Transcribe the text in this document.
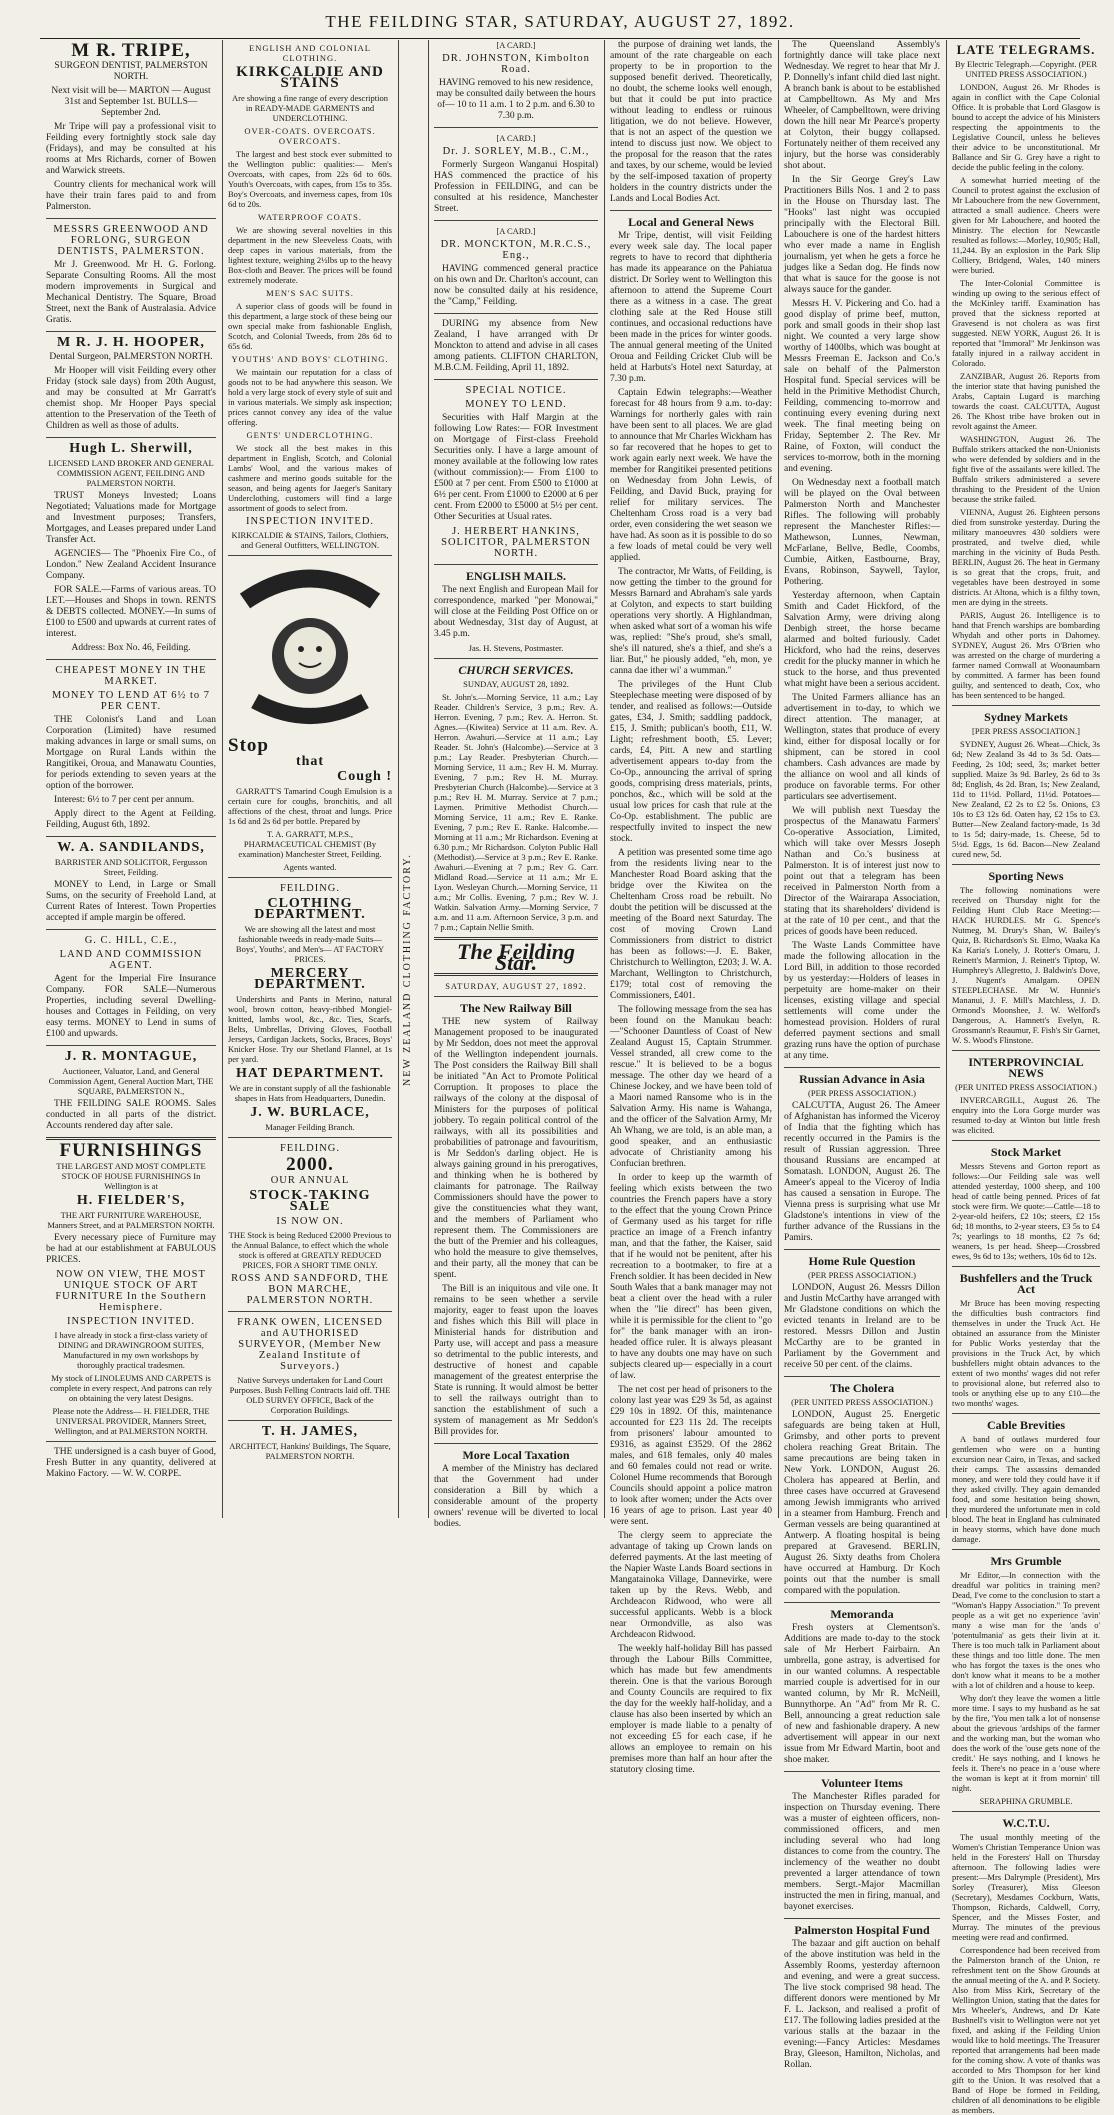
THE FEILDING STAR, SATURDAY, AUGUST 27, 1892.
NEW ZEALAND CLOTHING FACTORY.
M R. TRIPE,

SURGEON DENTIST, PALMERSTON NORTH.

Next visit will be— MARTON — August 31st and September 1st. BULLS—September 2nd.

Mr Tripe will pay a professional visit to Feilding every fortnightly stock sale day (Fridays), and may be consulted at his rooms at Mrs Richards, corner of Bowen and Warwick streets.

Country clients for mechanical work will have their train fares paid to and from Palmerston.

MESSRS GREENWOOD AND FORLONG, SURGEON DENTISTS, PALMERSTON.

Mr J. Greenwood. Mr H. G. Forlong. Separate Consulting Rooms. All the most modern improvements in Surgical and Mechanical Dentistry. The Square, Broad Street, next the Bank of Australasia. Advice Gratis.

M R. J. H. HOOPER,

Dental Surgeon, PALMERSTON NORTH.

Mr Hooper will visit Feilding every other Friday (stock sale days) from 20th August, and may be consulted at Mr Garratt's chemist shop. Mr Hooper Pays special attention to the Preservation of the Teeth of Children as well as those of adults.

Hugh L. Sherwill,

LICENSED LAND BROKER AND GENERAL COMMISSION AGENT, FEILDING AND PALMERSTON NORTH.

TRUST Moneys Invested; Loans Negotiated; Valuations made for Mortgage and Investment purposes; Transfers, Mortgages, and Leases prepared under Land Transfer Act.

AGENCIES— The "Phoenix Fire Co., of London." New Zealand Accident Insurance Company.

FOR SALE.—Farms of various areas. TO LET.—Houses and Shops in town. RENTS & DEBTS collected. MONEY.—In sums of £100 to £500 and upwards at current rates of interest.

Address: Box No. 46, Feilding.

CHEAPEST MONEY IN THE MARKET.

MONEY TO LEND AT 6½ to 7 PER CENT.

THE Colonist's Land and Loan Corporation (Limited) have resumed making advances in large or small sums, on Mortgage on Rural Lands within the Rangitikei, Oroua, and Manawatu Counties, for periods extending to seven years at the option of the borrower.

Interest: 6½ to 7 per cent per annum.

Apply direct to the Agent at Feilding. Feilding, August 6th, 1892.

W. A. SANDILANDS,

BARRISTER AND SOLICITOR, Fergusson Street, Feilding.

MONEY to Lend, in Large or Small Sums, on the security of Freehold Land, at Current Rates of Interest. Town Properties accepted if ample margin be offered.

G. C. HILL, C.E.,

LAND AND COMMISSION AGENT.

Agent for the Imperial Fire Insurance Company. FOR SALE—Numerous Properties, including several Dwelling-houses and Cottages in Feilding, on very easy terms. MONEY to Lend in sums of £100 and upwards.

J. R. MONTAGUE,

Auctioneer, Valuator, Land, and General Commission Agent, General Auction Mart, THE SQUARE, PALMERSTON N.,

THE FEILDING SALE ROOMS. Sales conducted in all parts of the district. Accounts rendered day after sale.

FURNISHINGS

THE LARGEST AND MOST COMPLETE STOCK OF HOUSE FURNISHINGS In Wellington is at

H. FIELDER'S,

THE ART FURNITURE WAREHOUSE, Manners Street, and at PALMERSTON NORTH.

Every necessary piece of Furniture may be had at our establishment at FABULOUS PRICES.

NOW ON VIEW, THE MOST UNIQUE STOCK OF ART FURNITURE In the Southern Hemisphere.

INSPECTION INVITED.

I have already in stock a first-class variety of DINING and DRAWINGROOM SUITES, Manufactured in my own workshops by thoroughly practical tradesmen.

My stock of LINOLEUMS AND CARPETS is complete in every respect, And patrons can rely on obtaining the very latest Designs.

Please note the Address— H. FIELDER, THE UNIVERSAL PROVIDER, Manners Street, Wellington, and at PALMERSTON NORTH.

THE undersigned is a cash buyer of Good, Fresh Butter in any quantity, delivered at Makino Factory. — W. W. CORPE.

ENGLISH AND COLONIAL CLOTHING.

KIRKCALDIE AND STAINS

Are showing a fine range of every description in READY-MADE GARMENTS and UNDERCLOTHING.

OVER-COATS. OVERCOATS. OVERCOATS.

The largest and best stock ever submitted to the Wellington public: qualities:— Men's Overcoats, with capes, from 22s 6d to 60s. Youth's Overcoats, with capes, from 15s to 35s. Boy's Overcoats, and inverness capes, from 10s 6d to 20s.

WATERPROOF COATS.

We are showing several novelties in this department in the new Sleeveless Coats, with deep capes in various materials, from the lightest texture, weighing 2½lbs up to the heavy Box-cloth and Beaver. The prices will be found extremely moderate.

MEN'S SAC SUITS.

A superior class of goods will be found in this department, a large stock of these being our own special make from fashionable English, Scotch, and Colonial Tweeds, from 28s 6d to 65s 6d.

YOUTHS' AND BOYS' CLOTHING.

We maintain our reputation for a class of goods not to be had anywhere this season. We hold a very large stock of every style of suit and in various materials. We simply ask inspection; prices cannot convey any idea of the value offering.

GENTS' UNDERCLOTHING.

We stock all the best makes in this department in English, Scotch, and Colonial Lambs' Wool, and the various makes of cashmere and merino goods suitable for the season, and being agents for Jaeger's Sanitary Underclothing, customers will find a large assortment of goods to select from.

INSPECTION INVITED.

KIRKCALDIE & STAINS, Tailors, Clothiers, and General Outfitters, WELLINGTON.

Stop
that
Cough !

GARRATT'S Tamarind Cough Emulsion is a certain cure for coughs, bronchitis, and all affections of the chest, throat and lungs. Price 1s 6d and 2s 6d per bottle. Prepared by

T. A. GARRATT, M.P.S., PHARMACEUTICAL CHEMIST (By examination) Manchester Street, Feilding.

Agents wanted.

FEILDING.

CLOTHING DEPARTMENT.

We are showing all the latest and most fashionable tweeds in ready-made Suits—Boys', Youths', and Men's— AT FACTORY PRICES.

MERCERY DEPARTMENT.

Undershirts and Pants in Merino, natural wool, brown cotton, heavy-ribbed Mongiel-knitted, lambs wool, &c., &c. Ties, Scarfs, Belts, Umbrellas, Driving Gloves, Football Jerseys, Cardigan Jackets, Socks, Braces, Boys' Knicker Hose. Try our Shetland Flannel, at 1s per yard.

HAT DEPARTMENT.

We are in constant supply of all the fashionable shapes in Hats from Headquarters, Dunedin.

J. W. BURLACE,

Manager Feilding Branch.

FEILDING.

2000.

OUR ANNUAL

STOCK-TAKING SALE

IS NOW ON.

THE Stock is being Reduced £2000 Previous to the Annual Balance, to effect which the whole stock is offered at GREATLY REDUCED PRICES, FOR A SHORT TIME ONLY.

ROSS AND SANDFORD, THE BON MARCHE, PALMERSTON NORTH.

FRANK OWEN, LICENSED and AUTHORISED SURVEYOR, (Member New Zealand Institute of Surveyors.)

Native Surveys undertaken for Land Court Purposes. Bush Felling Contracts laid off. THE OLD SURVEY OFFICE, Back of the Corporation Buildings.

T. H. JAMES,

ARCHITECT, Hankins' Buildings, The Square, PALMERSTON NORTH.

[A CARD.]

DR. JOHNSTON, Kimbolton Road.

HAVING removed to his new residence, may be consulted daily between the hours of— 10 to 11 a.m. 1 to 2 p.m. and 6.30 to 7.30 p.m.

[A CARD.]

Dr. J. SORLEY, M.B., C.M.,

Formerly Surgeon Wanganui Hospital) HAS commenced the practice of his Profession in FEILDING, and can be consulted at his residence, Manchester Street.

[A CARD.]

DR. MONCKTON, M.R.C.S., Eng.,

HAVING commenced general practice on his own and Dr. Charlton's account, can now be consulted daily at his residence, the "Camp," Feilding.

DURING my absence from New Zealand, I have arranged with Dr Monckton to attend and advise in all cases among patients. CLIFTON CHARLTON, M.B.C.M. Feilding, April 11, 1892.

SPECIAL NOTICE.

MONEY TO LEND.

Securities with Half Margin at the following Low Rates:— FOR Investment on Mortgage of First-class Freehold Securities only. I have a large amount of money available at the following low rates (without commission):— From £100 to £500 at 7 per cent. From £500 to £1000 at 6½ per cent. From £1000 to £2000 at 6 per cent. From £2000 to £5000 at 5½ per cent. Other Securities at Usual rates.

J. HERBERT HANKINS, SOLICITOR, PALMERSTON NORTH.

ENGLISH MAILS.

The next English and European Mail for correspondence, marked "per Monowai," will close at the Feilding Post Office on or about Wednesday, 31st day of August, at 3.45 p.m.

Jas. H. Stevens, Postmaster.

CHURCH SERVICES.

SUNDAY, AUGUST 28, 1892.

St. John's.—Morning Service, 11 a.m.; Lay Reader. Children's Service, 3 p.m.; Rev. A. Herron. Evening, 7 p.m.; Rev. A. Herron. St. Agnes.—(Kiwitea) Service at 11 a.m. Rev. A. Herron. Awahuri.—Service at 11 a.m.; Lay Reader. St. John's (Halcombe).—Service at 3 p.m.; Lay Reader. Presbyterian Church.—Morning Service, 11 a.m.; Rev H. M. Murray. Evening, 7 p.m.; Rev H. M. Murray. Presbyterian Church (Halcombe).—Service at 3 p.m.; Rev H. M. Murray. Service at 7 p.m.; Laymen. Primitive Methodist Church.—Morning Service, 11 a.m.; Rev E. Ranke. Evening, 7 p.m.; Rev E. Ranke. Halcombe.—Morning at 11 a.m.; Mr Richardson. Evening at 6.30 p.m.; Mr Richardson. Colyton Public Hall (Methodist).—Service at 3 p.m.; Rev E. Ranke. Awahuri.—Evening at 7 p.m.; Rev G. Carr. Midland Road.—Service at 11 a.m.; Mr E. Lyon. Wesleyan Church.—Morning Service, 11 a.m.; Mr Collis. Evening, 7 p.m.; Rev W. J. Watkin. Salvation Army.—Morning Service, 7 a.m. and 11 a.m. Afternoon Service, 3 p.m. and 7 p.m.; Captain Nellie Smith.

The Feilding Star.

SATURDAY, AUGUST 27, 1892.

The New Railway Bill

THE new system of Railway Management proposed to be inaugurated by Mr Seddon, does not meet the approval of the Wellington independent journals. The Post considers the Railway Bill shall be initiated "An Act to Promote Political Corruption. It proposes to place the railways of the colony at the disposal of Ministers for the purposes of political jobbery. To regain political control of the railways, with all its possibilities and probabilities of patronage and favouritism, is Mr Seddon's darling object. He is always gaining ground in his prerogatives, and thinking when he is bothered by claimants for patronage. The Railway Commissioners should have the power to give the constituencies what they want, and the members of Parliament who represent them. The Commissioners are the butt of the Premier and his colleagues, who hold the measure to give themselves, and their party, all the money that can be spent.

The Bill is an iniquitous and vile one. It remains to be seen whether a servile majority, eager to feast upon the loaves and fishes which this Bill will place in Ministerial hands for distribution and Party use, will accept and pass a measure so detrimental to the public interests, and destructive of honest and capable management of the greatest enterprise the State is running. It would almost be better to sell the railways outright than to sanction the establishment of such a system of management as Mr Seddon's Bill provides for.

More Local Taxation

A member of the Ministry has declared that the Government had under consideration a Bill by which a considerable amount of the property owners' revenue will be diverted to local bodies.

the purpose of draining wet lands, the amount of the rate chargeable on each property to be in proportion to the supposed benefit derived. Theoretically, no doubt, the scheme looks well enough, but that it could be put into practice without leading to endless or ruinous litigation, we do not believe. However, that is not an aspect of the question we intend to discuss just now. We object to the proposal for the reason that the rates and taxes, by our scheme, would be levied by the self-imposed taxation of property holders in the country districts under the Lands and Local Bodies Act.

Local and General News

Mr Tripe, dentist, will visit Feilding every week sale day. The local paper regrets to have to record that diphtheria has made its appearance on the Pahiatua district. Dr Sorley went to Wellington this afternoon to attend the Supreme Court there as a witness in a case. The great clothing sale at the Red House still continues, and occasional reductions have been made in the prices for winter goods. The annual general meeting of the United Oroua and Feilding Cricket Club will be held at Harbuts's Hotel next Saturday, at 7.30 p.m.

Captain Edwin telegraphs:—Weather forecast for 48 hours from 9 a.m. to-day: Warnings for northerly gales with rain have been sent to all places. We are glad to announce that Mr Charles Wickham has so far recovered that he hopes to get to work again early next week. We have the member for Rangitikei presented petitions on Wednesday from John Lewis, of Feilding, and David Buck, praying for relief for military services. The Cheltenham Cross road is a very bad order, even considering the wet season we have had. As soon as it is possible to do so a few loads of metal could be very well applied.

The contractor, Mr Watts, of Feilding, is now getting the timber to the ground for Messrs Barnard and Abraham's sale yards at Colyton, and expects to start building operations very shortly. A Highlandman, when asked what sort of a woman his wife was, replied: "She's proud, she's small, she's ill natured, she's a thief, and she's a liar. But," he piously added, "eh, mon, ye canna dae ither wi' a wumman."

The privileges of the Hunt Club Steeplechase meeting were disposed of by tender, and realised as follows:—Outside gates, £34, J. Smith; saddling paddock, £15, J. Smith; publican's booth, £11, W. Light; refreshment booth, £5. Lever; cards, £4, Pitt. A new and startling advertisement appears to-day from the Co-Op., announcing the arrival of spring goods, comprising dress materials, prints, ponchos, &c., which will be sold at the usual low prices for cash that rule at the Co-Op. establishment. The public are respectfully invited to inspect the new stock.

A petition was presented some time ago from the residents living near to the Manchester Road Board asking that the bridge over the Kiwitea on the Cheltenham Cross road be rebuilt. No doubt the petition will be discussed at the meeting of the Board next Saturday. The cost of moving Crown Land Commissioners from district to district has been as follows:—J. E. Baker, Christchurch to Wellington, £203; J. W. A. Marchant, Wellington to Christchurch, £179; total cost of removing the Commissioners, £401.

The following message from the sea has been found on the Manukau beach:—"Schooner Dauntless of Coast of New Zealand August 15, Captain Strummer. Vessel stranded, all crew come to the rescue." It is believed to be a bogus message. The other day we heard of a Chinese Jockey, and we have been told of a Maori named Ransome who is in the Salvation Army. His name is Wahanga, and the officer of the Salvation Army, Mr Ah Whang, we are told, is an able man, a good speaker, and an enthusiastic advocate of Christianity among his Confucian brethren.

In order to keep up the warmth of feeling which exists between the two countries the French papers have a story to the effect that the young Crown Prince of Germany used as his target for rifle practice an image of a French infantry man, and that the father, the Kaiser, said that if he would not be penitent, after his recreation to a bootmaker, to fire at a French soldier. It has been decided in New South Wales that a bank manager may not beat a client over the head with a ruler when the "lie direct" has been given, while it is permissible for the client to "go for" the bank manager with an iron-headed office ruler. It is always pleasant to have any doubts one may have on such subjects cleared up— especially in a court of law.

The net cost per head of prisoners to the colony last year was £29 3s 5d, as against £29 10s in 1892. Of this, maintenance accounted for £23 11s 2d. The receipts from prisoners' labour amounted to £9316, as against £3529. Of the 2862 males, and 618 females, only 40 males and 60 females could not read or write. Colonel Hume recommends that Borough Councils should appoint a police matron to look after women; under the Acts over 16 years of age to prison. Last year 40 were sent.

The clergy seem to appreciate the advantage of taking up Crown lands on deferred payments. At the last meeting of the Napier Waste Lands Board sections in Mangatainoka Village, Dannevirke, were taken up by the Revs. Webb, and Archdeacon Ridwood, who were all successful applicants. Webb is a block near Ormondville, as also was Archdeacon Ridwood.

The weekly half-holiday Bill has passed through the Labour Bills Committee, which has made but few amendments therein. One is that the various Borough and County Councils are required to fix the day for the weekly half-holiday, and a clause has also been inserted by which an employer is made liable to a penalty of not exceeding £5 for each case, if he allows an employee to remain on his premises more than half an hour after the statutory closing time.

The Queensland Assembly's fortnightly dance will take place next Wednesday. We regret to hear that Mr J. P. Donnelly's infant child died last night. A branch bank is about to be established at Campbelltown. As My and Mrs Wheeler, of Campbelltown, were driving down the hill near Mr Pearce's property at Colyton, their buggy collapsed. Fortunately neither of them received any injury, but the horse was considerably shot about.

In the Sir George Grey's Law Practitioners Bills Nos. 1 and 2 to pass in the House on Thursday last. The "Hooks" last night was occupied principally with the Electoral Bill. Labouchere is one of the hardest hitters who ever made a name in English journalism, yet when he gets a force he judges like a Sedan dog. He finds now that what is sauce for the goose is not always sauce for the gander.

Messrs H. V. Pickering and Co. had a good display of prime beef, mutton, pork and small goods in their shop last night. We counted a very large show worthy of 1400lbs, which was bought at Messrs Freeman E. Jackson and Co.'s sale on behalf of the Palmerston Hospital fund. Special services will be held in the Primitive Methodist Church, Feilding, commencing to-morrow and continuing every evening during next week. The final meeting being on Friday, September 2. The Rev. Mr Raine, of Foxton, will conduct the services to-morrow, both in the morning and evening.

On Wednesday next a football match will be played on the Oval between Palmerston North and Manchester Rifles. The following will probably represent the Manchester Rifles:—Mathewson, Lunnes, Newman, McFarlane, Bellve, Bedle, Coombs, Cumbie, Aitken, Eastbourne, Bray, Evans, Robinson, Saywell, Taylor, Pothering.

Yesterday afternoon, when Captain Smith and Cadet Hickford, of the Salvation Army, were driving along Denbigh street, the horse became alarmed and bolted furiously. Cadet Hickford, who had the reins, deserves credit for the plucky manner in which he stuck to the horse, and thus prevented what might have been a serious accident.

The United Farmers alliance has an advertisement in to-day, to which we direct attention. The manager, at Wellington, states that produce of every kind, either for disposal locally or for shipment, can be stored in cool chambers. Cash advances are made by the alliance on wool and all kinds of produce on favorable terms. For other particulars see advertisement.

We will publish next Tuesday the prospectus of the Manawatu Farmers' Co-operative Association, Limited, which will take over Messrs Joseph Nathan and Co.'s business at Palmerston. It is of interest just now to point out that a telegram has been received in Palmerston North from a Director of the Wairarapa Association, stating that its shareholders' dividend is at the rate of 10 per cent., and that the prices of goods have been reduced.

The Waste Lands Committee have made the following allocation in the Lord Bill, in addition to those recorded by us yesterday:—Holders of leases in perpetuity are home-maker on their licenses, existing village and special settlements will come under the homestead provision. Holders of rural deferred payment sections and small grazing runs have the option of purchase at any time.

Russian Advance in Asia

(PER PRESS ASSOCIATION.)

CALCUTTA, August 26. The Ameer of Afghanistan has informed the Viceroy of India that the fighting which has recently occurred in the Pamirs is the result of Russian aggression. Three thousand Russians are encamped at Somatash. LONDON, August 26. The Ameer's appeal to the Viceroy of India has caused a sensation in Europe. The Vienna press is surprising what use Mr Gladstone's intentions in view of the further advance of the Russians in the Pamirs.

Home Rule Question

(PER PRESS ASSOCIATION.)

LONDON, August 26. Messrs Dillon and Justin McCarthy have arranged with Mr Gladstone conditions on which the evicted tenants in Ireland are to be restored. Messrs Dillon and Justin McCarthy are to be granted in Parliament by the Government and receive 50 per cent. of the claims.

The Cholera

(PER UNITED PRESS ASSOCIATION.)

LONDON, August 25. Energetic safeguards are being taken at Hull, Grimsby, and other ports to prevent cholera reaching Great Britain. The same precautions are being taken in New York. LONDON, August 26. Cholera has appeared at Berlin, and three cases have occurred at Gravesend among Jewish immigrants who arrived in a steamer from Hamburg. French and German vessels are being quarantined at Antwerp. A floating hospital is being prepared at Gravesend. BERLIN, August 26. Sixty deaths from Cholera have occurred at Hamburg. Dr Koch points out that the number is small compared with the population.

Memoranda

Fresh oysters at Clementson's. Additions are made to-day to the stock sale of Mr Herbert Fairbairn. An umbrella, gone astray, is advertised for in our wanted columns. A respectable married couple is advertised for in our wanted column, by Mr R. McNeill, Bunnythorpe. An "Ad" from Mr R. C. Bell, announcing a great reduction sale of new and fashionable drapery. A new advertisement will appear in our next issue from Mr Edward Martin, boot and shoe maker.

Volunteer Items

The Manchester Rifles paraded for inspection on Thursday evening. There was a muster of eighteen officers, non-commissioned officers, and men including several who had long distances to come from the country. The inclemency of the weather no doubt prevented a larger attendance of town members. Sergt.-Major Macmillan instructed the men in firing, manual, and bayonet exercises.

Palmerston Hospital Fund

The bazaar and gift auction on behalf of the above institution was held in the Assembly Rooms, yesterday afternoon and evening, and were a great success. The live stock comprised 98 head. The different donors were mentioned by Mr F. L. Jackson, and realised a profit of £17. The following ladies presided at the various stalls at the bazaar in the evening:—Fancy Articles: Mesdames Bray, Gleeson, Hamilton, Nicholas, and Rollan.

LATE TELEGRAMS.

By Electric Telegraph.—Copyright. (PER UNITED PRESS ASSOCIATION.)

LONDON, August 26. Mr Rhodes is again in conflict with the Cape Colonial Office. It is probable that Lord Glasgow is bound to accept the advice of his Ministers respecting the appointments to the Legislative Council, unless he believes their advice to be unconstitutional. Mr Ballance and Sir G. Grey have a right to decide the public feeling in the colony.

A somewhat hurried meeting of the Council to protest against the exclusion of Mr Labouchere from the new Government, attracted a small audience. Cheers were given for Mr Labouchere, and hooted the Ministry. The election for Newcastle resulted as follows:—Morley, 10,905; Hall, 11,244. By an explosion in the Park Slip Colliery, Bridgend, Wales, 140 miners were buried.

The Inter-Colonial Committee is winding up owing to the serious effect of the McKinley tariff. Examination has proved that the sickness reported at Gravesend is not cholera as was first suggested. NEW YORK, August 26. It is reported that "Immoral" Mr Jenkinson was fatally injured in a railway accident in Colorado.

ZANZIBAR, August 26. Reports from the interior state that having punished the Arabs, Captain Lugard is marching towards the coast. CALCUTTA, August 26. The Khost tribe have broken out in revolt against the Ameer.

WASHINGTON, August 26. The Buffalo strikers attacked the non-Unionists who were defended by soldiers and in the fight five of the assailants were killed. The Buffalo strikers administered a severe thrashing to the President of the Union because the strike failed.

VIENNA, August 26. Eighteen persons died from sunstroke yesterday. During the military manoeuvres 430 soldiers were prostrated, and twelve died, while marching in the vicinity of Buda Pesth. BERLIN, August 26. The heat in Germany is so great that the crops, fruit, and vegetables have been destroyed in some districts. At Altona, which is a filthy town, men are dying in the streets.

PARIS, August 26. Intelligence is to hand that French warships are bombarding Whydah and other ports in Dahomey. SYDNEY, August 26. Mrs O'Brien who was arrested on the charge of murdering a farmer named Cornwall at Woonaumbarn by committed. A farmer has been found guilty, and sentenced to death, Cox, who has been sentenced to be hanged.

Sydney Markets

[PER PRESS ASSOCIATION.]

SYDNEY, August 26. Wheat—Chick, 3s 6d; New Zealand 3s 4d to 3s 5d. Oats—Feeding, 2s 10d; seed, 3s; market better supplied. Maize 3s 9d. Barley, 2s 6d to 3s 8d; English, 4s 2d. Bran, 1s; New Zealand, 11d to 11½d. Pollard, 11½d. Potatoes—New Zealand, £2 2s to £2 5s. Onions, £3 10s to £3 12s 6d. Oaten hay, £2 15s to £3. Butter—New Zealand factory-made, 1s 3d to 1s 5d; dairy-made, 1s. Cheese, 5d to 5½d. Eggs, 1s 6d. Bacon—New Zealand cured new, 5d.

Sporting News

The following nominations were received on Thursday night for the Feilding Hunt Club Race Meeting:— HACK HURDLES. Mr G. Spence's Nutmeg, M. Drury's Shan, W. Bailey's Quiz, B. Richardson's St. Elmo, Waaka Ka Ka Karia's Lonely, J. Rotter's Omaru, J. Reinett's Marmion, J. Reinett's Tiptop, W. Humphrey's Allegretto, J. Baldwin's Dove, J. Nugent's Amalgam. OPEN STEEPLECHASE. Mr W. Hunnie's Mananui, J. F. Mill's Matchless, J. D. Ormond's Moonshee, J. W. Welford's Dangerous, A. Hamnett's Evelyn, R. Grossmann's Reaumur, F. Fish's Sir Garnet, W. S. Wood's Flinstone.

INTERPROVINCIAL NEWS

(PER UNITED PRESS ASSOCIATION.)

INVERCARGILL, August 26. The enquiry into the Lora Gorge murder was resumed to-day at Winton but little fresh was elicited.

Stock Market

Messrs Stevens and Gorton report as follows:—Our Feilding sale was well attended yesterday, 1000 sheep, and 100 head of cattle being penned. Prices of fat stock were firm. We quote:—Cattle—18 to 2-year-old heifers, £2 10s; steers, £2 15s 6d; 18 months, to 2-year steers, £3 5s to £4 7s; yearlings to 18 months, £2 7s 6d; weaners, 1s per head. Sheep—Crossbred ewes, 9s 6d to 13s; wethers, 10s 6d to 12s.

Bushfellers and the Truck Act

Mr Bruce has been moving respecting the difficulties bush contractors find themselves in under the Truck Act. He obtained an assurance from the Minister for Public Works yesterday that the provisions in the Truck Act, by which bushfellers might obtain advances to the extent of two months' wages did not refer to provisional alone, but referred also to tools or anything else up to any £10—the two months' wages.

Cable Brevities

A band of outlaws murdered four gentlemen who were on a hunting excursion near Cairo, in Texas, and sacked their camps. The assassins demanded money, and were told they could have it if they asked civilly. They again demanded food, and some hesitation being shown, they murdered the unfortunate men in cold blood. The heat in England has culminated in heavy storms, which have done much damage.

Mrs Grumble

Mr Editor,—In connection with the dreadful war politics in training men? Dead, I've come to the conclusion to start a "Woman's Happy Association." To prevent people as a wit get no experience 'avin' many a wise man for the 'ands o' 'potentulmania' as gets their livin at it. There is too much talk in Parliament about these things and too little done. The men who has forgot the taxes is the ones who don't know what it means to be a mother with a lot of children and a house to keep.

Why don't they leave the women a little more time. I says to my husband as he sat by the fire, 'You men talk a lot of nonsense about the grievous 'ardships of the farmer and the working man, but the woman who does the work of the 'ouse gets none of the credit.' He says nothing, and I knows he feels it. There's no peace in a 'ouse where the woman is kept at it from mornin' till night.

SERAPHINA GRUMBLE.

W.C.T.U.

The usual monthly meeting of the Women's Christian Temperance Union was held in the Foresters' Hall on Thursday afternoon. The following ladies were present:—Mrs Dalrymple (President), Mrs Sorley (Treasurer), Miss Gleeson (Secretary), Mesdames Cockburn, Watts, Thompson, Richards, Caldwell, Corry, Spencer, and the Misses Foster, and Murray. The minutes of the previous meeting were read and confirmed.

Correspondence had been received from the Palmerston branch of the Union, re refreshment tent on the Show Grounds at the annual meeting of the A. and P. Society. Also from Miss Kirk, Secretary of the Wellington Union, stating that the dates for Mrs Wheeler's, Andrews, and Dr Kate Bushnell's visit to Wellington were not yet fixed, and asking if the Feilding Union would like to hold meetings. The Treasurer reported that arrangements had been made for the coming show. A vote of thanks was accorded to Mrs Thompson for her kind gift to the Union. It was resolved that a Band of Hope be formed in Feilding, children of all denominations to be eligible as members.
